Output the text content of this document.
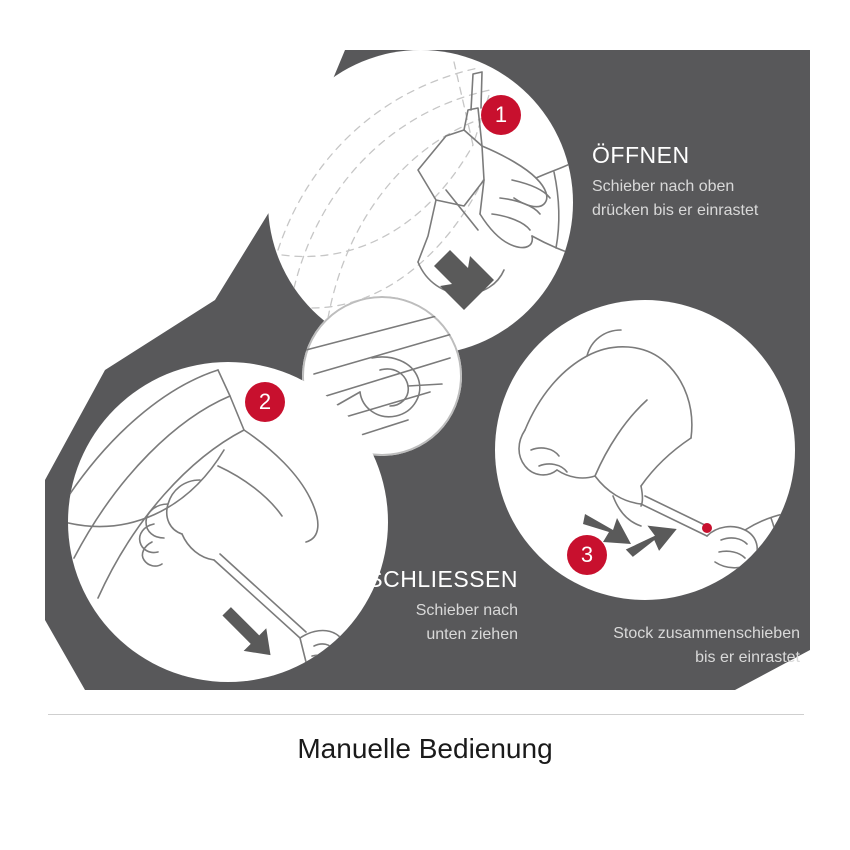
1
2
3

ÖFFNEN

Schieber nach oben

drücken bis er einrastet

SCHLIESSEN

Schieber nach

unten ziehen	Stock zusammenschieben

bis er einrastet

Manuelle Bedienung
